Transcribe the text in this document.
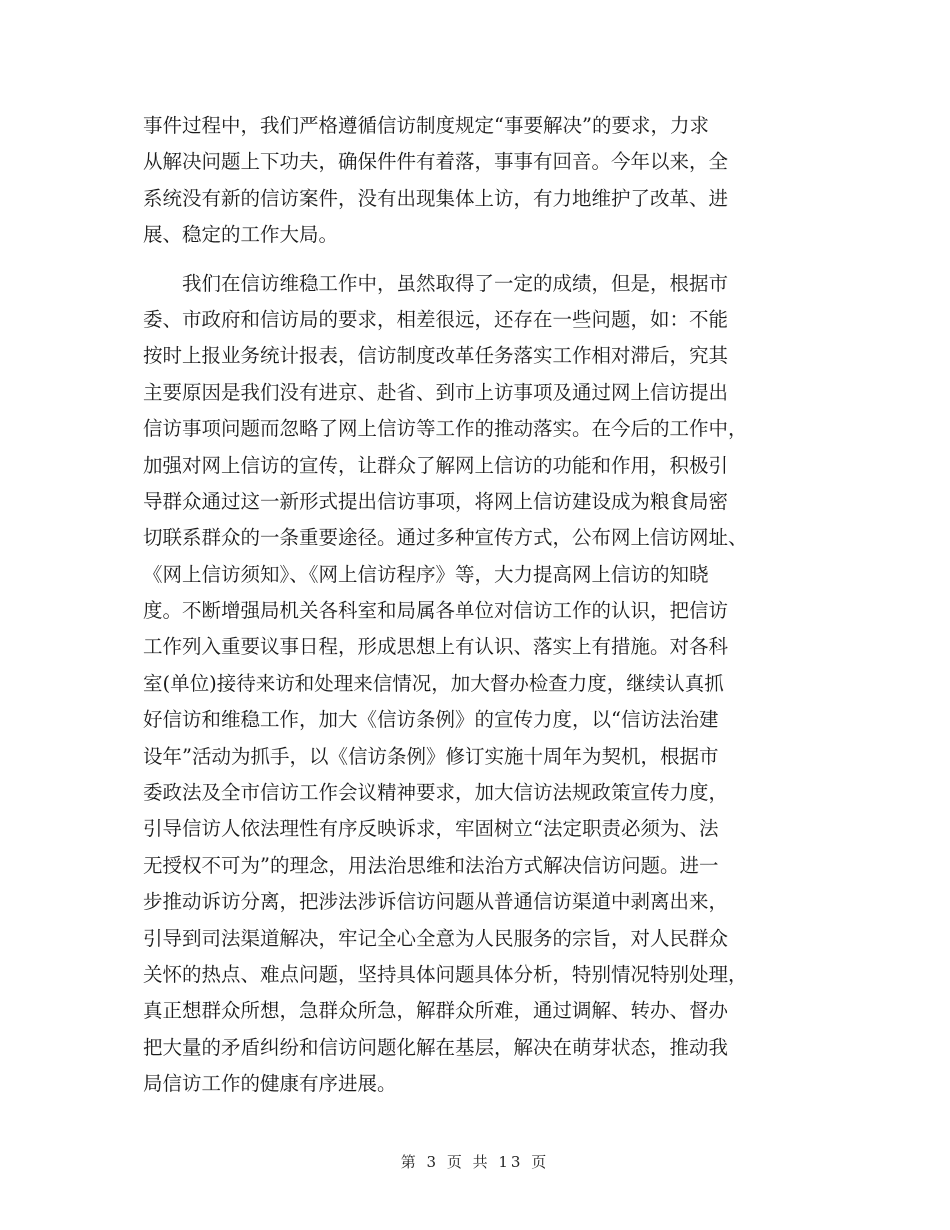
事件过程中，我们严格遵循信访制度规定“事要解决”的要求，力求
从解决问题上下功夫，确保件件有着落，事事有回音。今年以来，全
系统没有新的信访案件，没有出现集体上访，有力地维护了改革、进
展、稳定的工作大局。
我们在信访维稳工作中，虽然取得了一定的成绩，但是，根据市
委、市政府和信访局的要求，相差很远，还存在一些问题，如：不能
按时上报业务统计报表，信访制度改革任务落实工作相对滞后，究其
主要原因是我们没有进京、赴省、到市上访事项及通过网上信访提出
信访事项问题而忽略了网上信访等工作的推动落实。在今后的工作中，
加强对网上信访的宣传，让群众了解网上信访的功能和作用，积极引
导群众通过这一新形式提出信访事项，将网上信访建设成为粮食局密
切联系群众的一条重要途径。通过多种宣传方式，公布网上信访网址、
《网上信访须知》、《网上信访程序》等，大力提高网上信访的知晓
度。不断增强局机关各科室和局属各单位对信访工作的认识，把信访
工作列入重要议事日程，形成思想上有认识、落实上有措施。对各科
室(单位)接待来访和处理来信情况，加大督办检查力度，继续认真抓
好信访和维稳工作，加大《信访条例》的宣传力度，以“信访法治建
设年”活动为抓手，以《信访条例》修订实施十周年为契机，根据市
委政法及全市信访工作会议精神要求，加大信访法规政策宣传力度，
引导信访人依法理性有序反映诉求，牢固树立“法定职责必须为、法
无授权不可为”的理念，用法治思维和法治方式解决信访问题。进一
步推动诉访分离，把涉法涉诉信访问题从普通信访渠道中剥离出来，
引导到司法渠道解决，牢记全心全意为人民服务的宗旨，对人民群众
关怀的热点、难点问题，坚持具体问题具体分析，特别情况特别处理，
真正想群众所想，急群众所急，解群众所难，通过调解、转办、督办
把大量的矛盾纠纷和信访问题化解在基层，解决在萌芽状态，推动我
局信访工作的健康有序进展。
第 3 页 共 13 页
